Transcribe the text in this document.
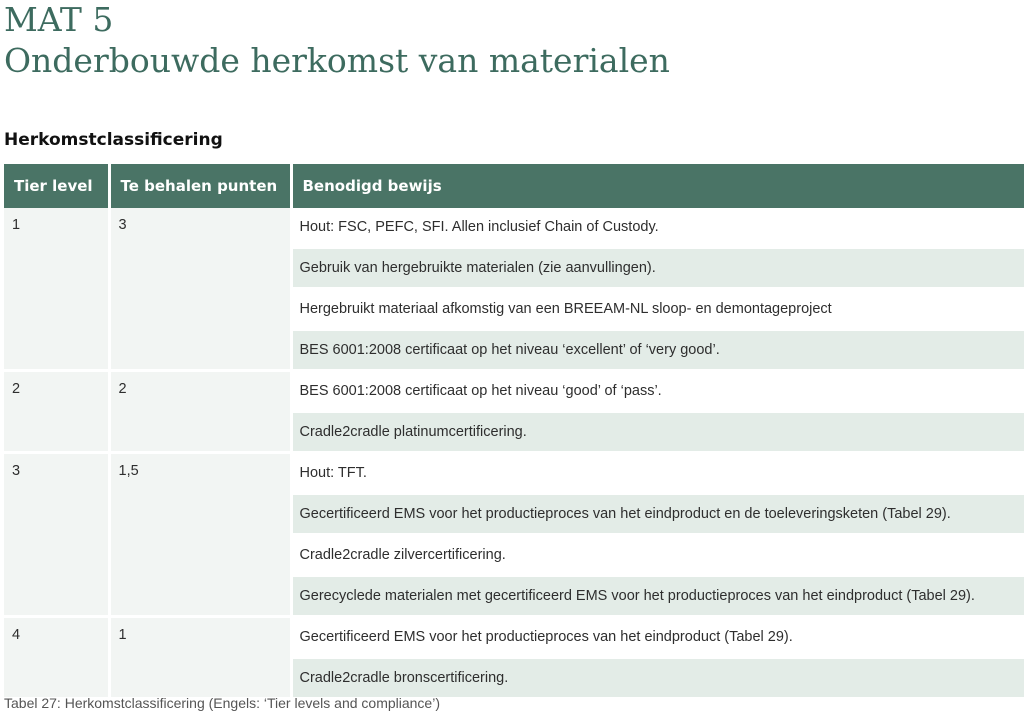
MAT 5
Onderbouwde herkomst van materialen
Herkomstclassificering
Tier level	Te behalen punten	Benodigd bewijs
1	3	Hout: FSC, PEFC, SFI. Allen inclusief Chain of Custody.
		Gebruik van hergebruikte materialen (zie aanvullingen).
		Hergebruikt materiaal afkomstig van een BREEAM-NL sloop- en demontageproject
		BES 6001:2008 certificaat op het niveau ‘excellent’ of ‘very good’.
2	2	BES 6001:2008 certificaat op het niveau ‘good’ of ‘pass’.
		Cradle2cradle platinumcertificering.
3	1,5	Hout: TFT.
		Gecertificeerd EMS voor het productieproces van het eindproduct en de toeleveringsketen (Tabel 29).
		Cradle2cradle zilvercertificering.
		Gerecyclede materialen met gecertificeerd EMS voor het productieproces van het eindproduct (Tabel 29).
4	1	Gecertificeerd EMS voor het productieproces van het eindproduct (Tabel 29).
		Cradle2cradle bronscertificering.

Tabel 27: Herkomstclassificering (Engels: ‘Tier levels and compliance’)
